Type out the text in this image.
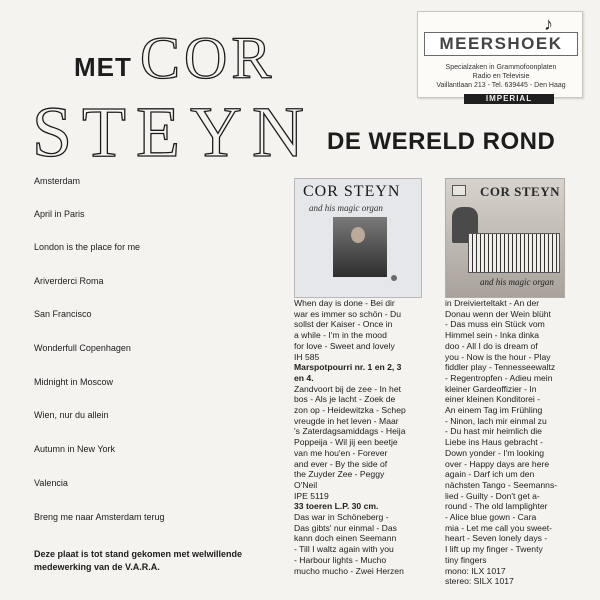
MET COR
STEYN DE WERELD ROND
MEERSHOEK
♪
Specialzaken in Grammofoonplaten
Radio en Televisie
Vaillantlaan 213 - Tel. 639445 - Den Haag
IMPERIAL
Amsterdam
April in Paris
London is the place for me
Ariverderci Roma
San Francisco
Wonderfull Copenhagen
Midnight in Moscow
Wien, nur du allein
Autumn in New York
Valencia
Breng me naar Amsterdam terug
Deze plaat is tot stand gekomen met welwillende
medewerking van de V.A.R.A.
COR STEYN
and his magic organ
COR STEYN
and his magic organ
When day is done - Bei dir
war es immer so schön - Du
sollst der Kaiser - Once in
a while - I'm in the mood
for love - Sweet and lovely
IH 585
Marspotpourri nr. 1 en 2, 3
en 4.
Zandvoort bij de zee - In het
bos - Als je lacht - Zoek de
zon op - Heidewitzka - Schep
vreugde in het leven - Maar
's Zaterdagsamiddags - Heija
Poppeija - Wil jij een beetje
van me hou'en - Forever
and ever - By the side of
the Zuyder Zee - Peggy
O'Neil
IPE 5119
33 toeren L.P. 30 cm.
Das war in Schöneberg -
Das gibts' nur einmal - Das
kann doch einen Seemann
- Till I waltz again with you
- Harbour lights - Mucho
mucho mucho - Zwei Herzen
in Dreivierteltakt - An der
Donau wenn der Wein blüht
- Das muss ein Stück vom
Himmel sein - Inka dinka
doo - All I do is dream of
you - Now is the hour - Play
fiddler play - Tennesseewaltz
- Regentropfen - Adieu mein
kleiner Gardeoffizier - In
einer kleinen Konditorei -
An einem Tag im Frühling
- Ninon, lach mir einmal zu
- Du hast mir heimlich die
Liebe ins Haus gebracht -
Down yonder - I'm looking
over - Happy days are here
again - Darf ich um den
nächsten Tango - Seemanns-
lied - Guilty - Don't get a-
round - The old lamplighter
- Alice blue gown - Cara
mia - Let me call you sweet-
heart - Seven lonely days -
I lift up my finger - Twenty
tiny fingers
mono: ILX 1017
stereo: SILX 1017
